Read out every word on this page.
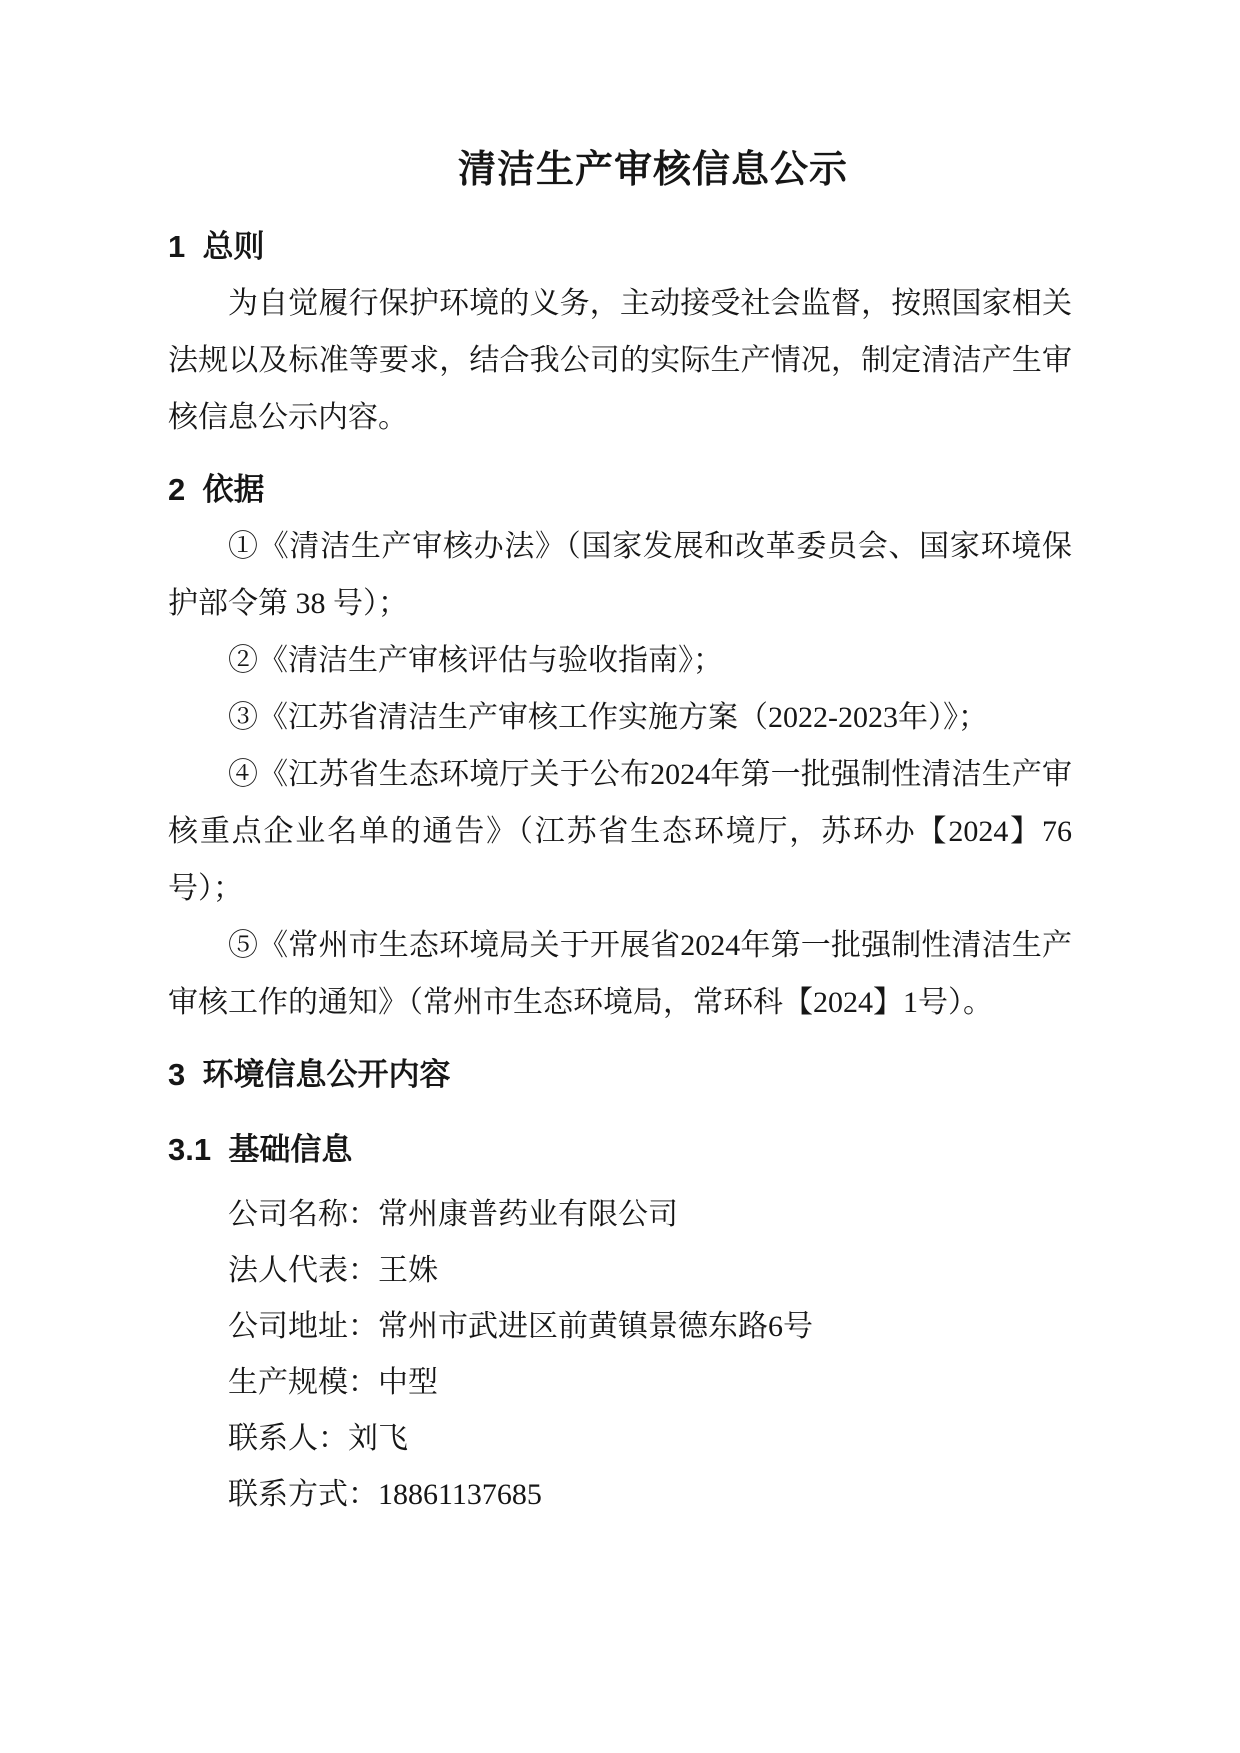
清洁生产审核信息公示
1  总则
为自觉履行保护环境的义务，主动接受社会监督，按照国家相关
法规以及标准等要求，结合我公司的实际生产情况，制定清洁产生审
核信息公示内容。
2  依据
①《清洁生产审核办法》（国家发展和改革委员会、国家环境保
护部令第 38 号）；
②《清洁生产审核评估与验收指南》；
③《江苏省清洁生产审核工作实施方案（2022-2023年）》；
④《江苏省生态环境厅关于公布2024年第一批强制性清洁生产审
核重点企业名单的通告》（江苏省生态环境厅，苏环办【2024】76
号）；
⑤《常州市生态环境局关于开展省2024年第一批强制性清洁生产
审核工作的通知》（常州市生态环境局，常环科【2024】1号）。
3  环境信息公开内容
3.1  基础信息
公司名称：常州康普药业有限公司
法人代表：王姝
公司地址：常州市武进区前黄镇景德东路6号
生产规模：中型
联系人：刘飞
联系方式：18861137685
